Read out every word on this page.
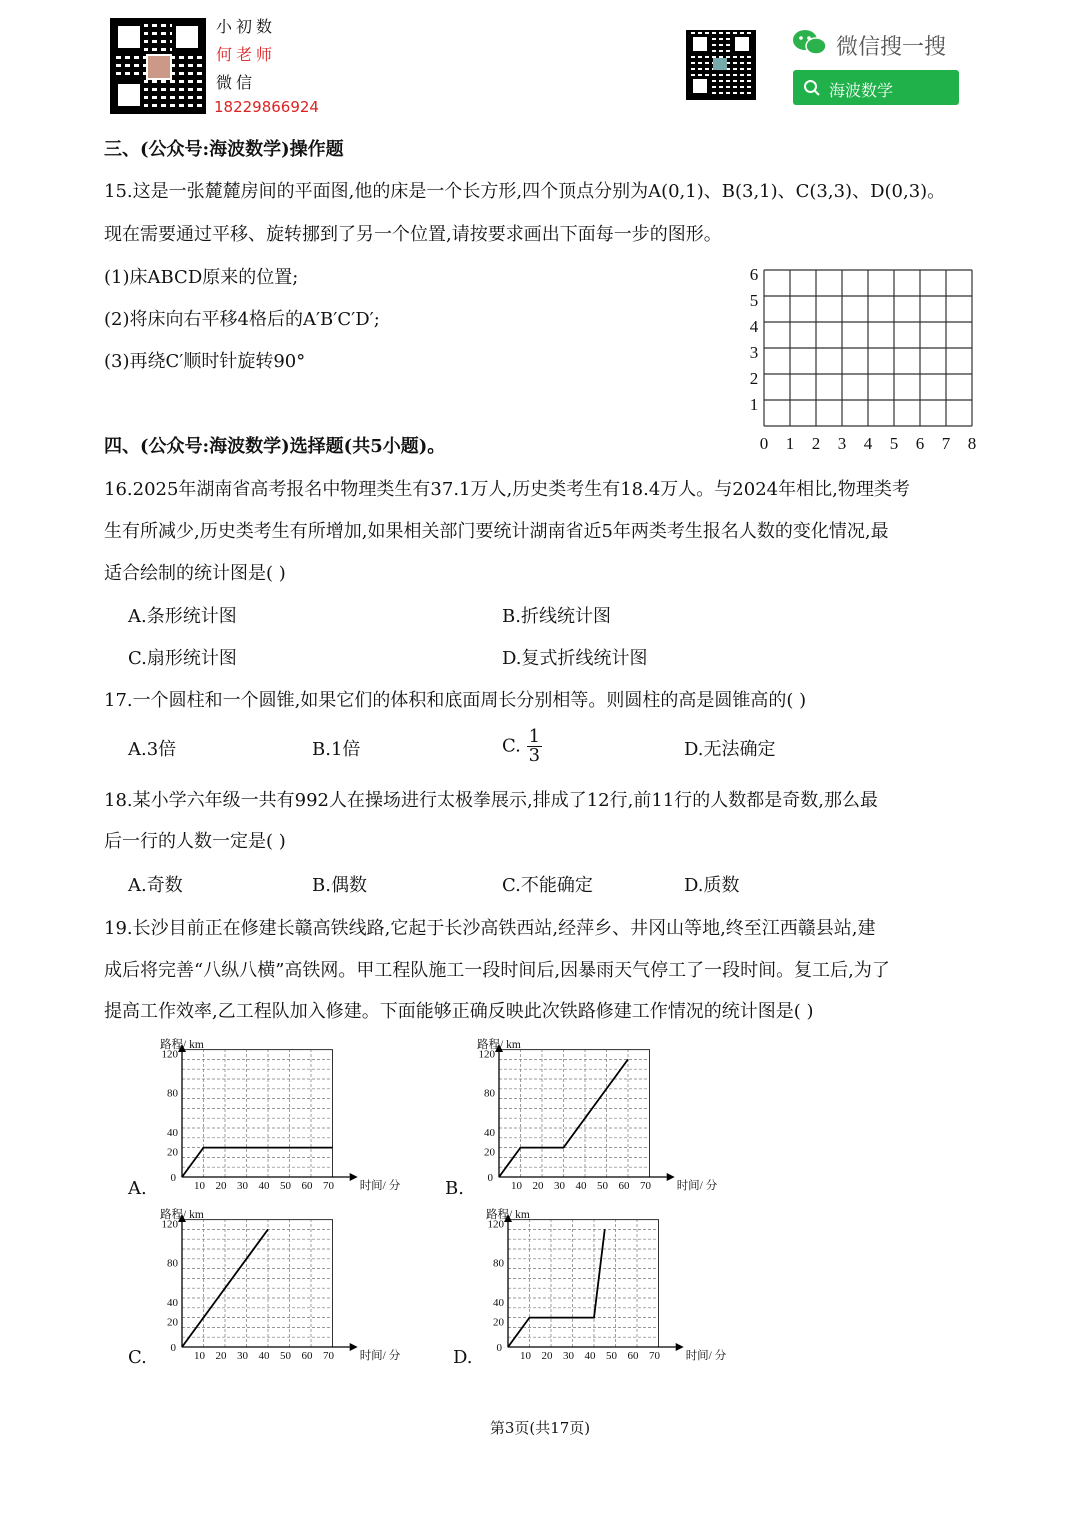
小初数
何老师
微信
18229866924
微信搜一搜
海波数学
三、(公众号:海波数学)操作题
15.这是一张麓麓房间的平面图,他的床是一个长方形,四个顶点分别为A(0,1)、B(3,1)、C(3,3)、D(0,3)。
现在需要通过平移、旋转挪到了另一个位置,请按要求画出下面每一步的图形。
(1)床ABCD原来的位置;
(2)将床向右平移4格后的A′B′C′D′;
(3)再绕C′顺时针旋转90°
0 1 2 3 4 5 6 7 8
1
2
3
4
5
6
四、(公众号:海波数学)选择题(共5小题)。
16.2025年湖南省高考报名中物理类生有37.1万人,历史类考生有18.4万人。与2024年相比,物理类考
生有所减少,历史类考生有所增加,如果相关部门要统计湖南省近5年两类考生报名人数的变化情况,最
适合绘制的统计图是( )
A.条形统计图	B.折线统计图
C.扇形统计图	D.复式折线统计图
17.一个圆柱和一个圆锥,如果它们的体积和底面周长分别相等。则圆柱的高是圆锥高的( )
A.3倍	B.1倍	C. $\frac{1}{3}$	D.无法确定
18.某小学六年级一共有992人在操场进行太极拳展示,排成了12行,前11行的人数都是奇数,那么最
后一行的人数一定是( )
A.奇数	B.偶数	C.不能确定	D.质数
19.长沙目前正在修建长赣高铁线路,它起于长沙高铁西站,经萍乡、井冈山等地,终至江西赣县站,建
成后将完善“八纵八横”高铁网。甲工程队施工一段时间后,因暴雨天气停工了一段时间。复工后,为了
提高工作效率,乙工程队加入修建。下面能够正确反映此次铁路修建工作情况的统计图是( )
A.	B.
C.	D.
路程/ km
时间/ 分
0
10 20 30 40 50 60 70
20
40
80
120
路程/ km
时间/ 分
0
10 20 30 40 50 60 70
20
40
80
120
路程/ km
时间/ 分
0
10 20 30 40 50 60 70
20
40
80
120
路程/ km
时间/ 分
0
10 20 30 40 50 60 70
20
40
80
120
第3页(共17页)
